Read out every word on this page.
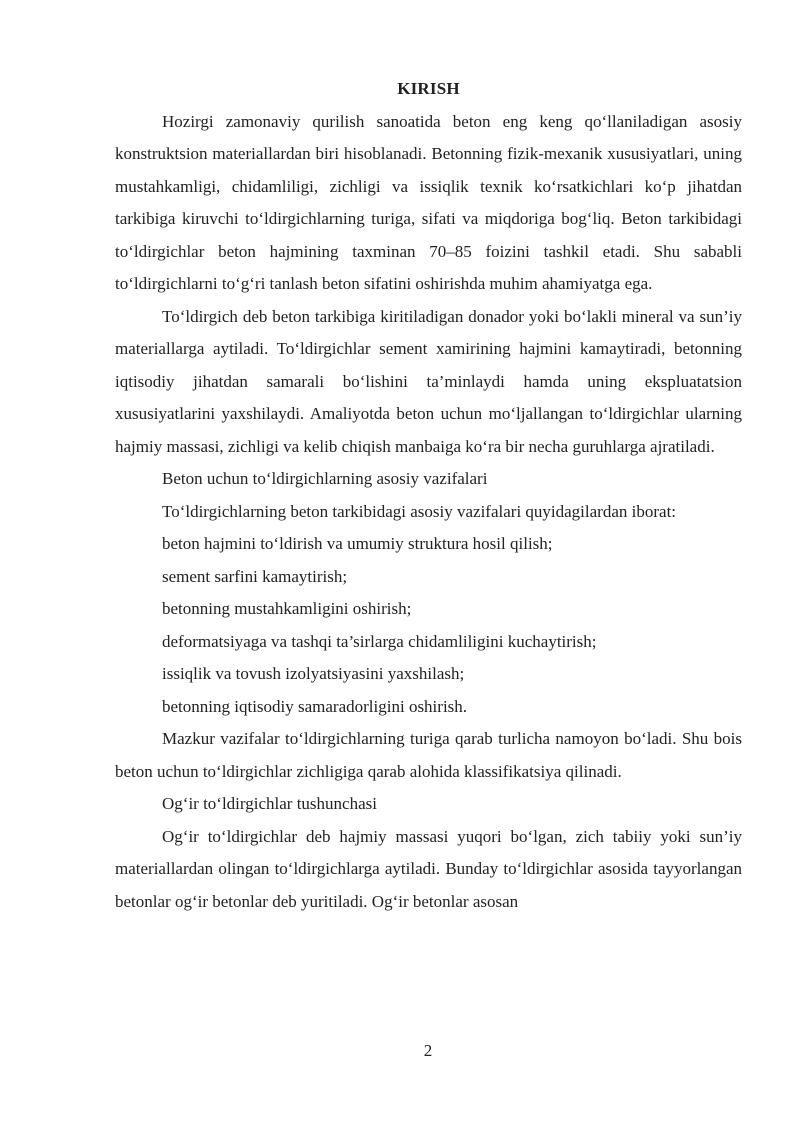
KIRISH

Hozirgi zamonaviy qurilish sanoatida beton eng keng qo‘llaniladigan asosiy konstruktsion materiallardan biri hisoblanadi. Betonning fizik-mexanik xususiyatlari, uning mustahkamligi, chidamliligi, zichligi va issiqlik texnik ko‘rsatkichlari ko‘p jihatdan tarkibiga kiruvchi to‘ldirgichlarning turiga, sifati va miqdoriga bog‘liq. Beton tarkibidagi to‘ldirgichlar beton hajmining taxminan 70–85 foizini tashkil etadi. Shu sababli to‘ldirgichlarni to‘g‘ri tanlash beton sifatini oshirishda muhim ahamiyatga ega.

To‘ldirgich deb beton tarkibiga kiritiladigan donador yoki bo‘lakli mineral va sun’iy materiallarga aytiladi. To‘ldirgichlar sement xamirining hajmini kamaytiradi, betonning iqtisodiy jihatdan samarali bo‘lishini ta’minlaydi hamda uning ekspluatatsion xususiyatlarini yaxshilaydi. Amaliyotda beton uchun mo‘ljallangan to‘ldirgichlar ularning hajmiy massasi, zichligi va kelib chiqish manbaiga ko‘ra bir necha guruhlarga ajratiladi.

Beton uchun to‘ldirgichlarning asosiy vazifalari

To‘ldirgichlarning beton tarkibidagi asosiy vazifalari quyidagilardan iborat:

beton hajmini to‘ldirish va umumiy struktura hosil qilish;

sement sarfini kamaytirish;

betonning mustahkamligini oshirish;

deformatsiyaga va tashqi ta’sirlarga chidamliligini kuchaytirish;

issiqlik va tovush izolyatsiyasini yaxshilash;

betonning iqtisodiy samaradorligini oshirish.

Mazkur vazifalar to‘ldirgichlarning turiga qarab turlicha namoyon bo‘ladi. Shu bois beton uchun to‘ldirgichlar zichligiga qarab alohida klassifikatsiya qilinadi.

Og‘ir to‘ldirgichlar tushunchasi

Og‘ir to‘ldirgichlar deb hajmiy massasi yuqori bo‘lgan, zich tabiiy yoki sun’iy materiallardan olingan to‘ldirgichlarga aytiladi. Bunday to‘ldirgichlar asosida tayyorlangan betonlar og‘ir betonlar deb yuritiladi. Og‘ir betonlar asosan

2
